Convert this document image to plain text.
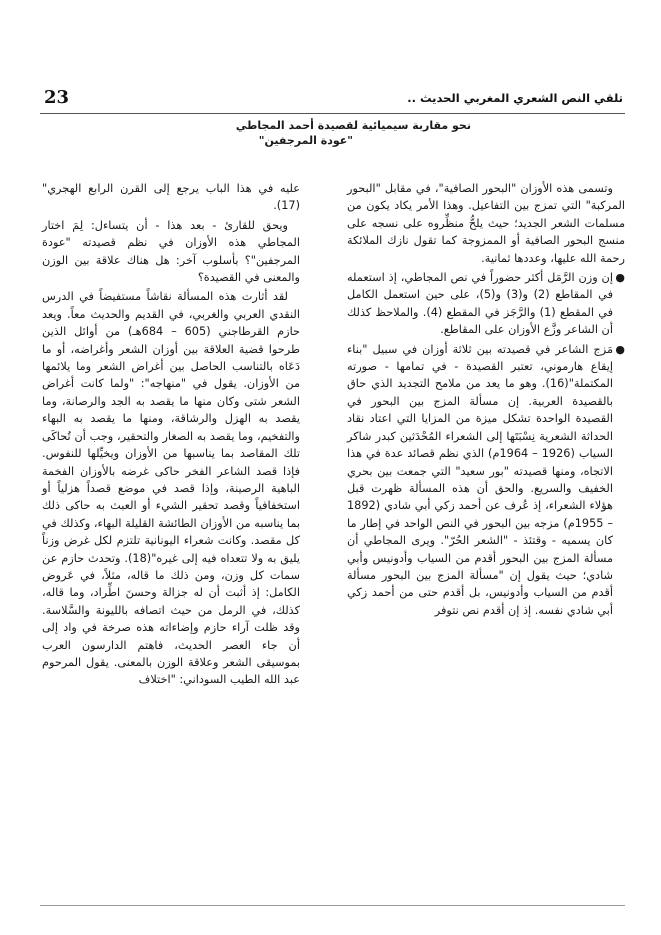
23	تلقي النص الشعري المغربي الحديث ..
نحو مقاربة سيميائية لقصيدة أحمد المجاطي
"عودة المرجفين"

وتسمى هذه الأوزان "البحور الصافية"، في مقابل "البحور المركبة" التي تمزج بين التفاعيل. وهذا الأمر يكاد يكون من مسلمات الشعر الجديد؛ حيث يلحُّ منظِّروه على نسجه على منسج البحور الصافية أو الممزوجة كما تقول نازك الملائكة رحمة الله عليها، وعددها ثمانية.

●
إن وزن الرَّمَل أكثر حضوراً في نص المجاطي، إذ استعمله في المقاطع (2) و(3) و(5)، على حين استعمل الكامل في المقطع (1) والرَّجَز في المقطع (4). والملاحظ كذلك أن الشاعر وزَّع الأوزان على المقاطع.
●
مَزج الشاعر في قصيدته بين ثلاثة أوزان في سبيل "بناء إيقاع هارموني، تعتبر القصيدة - في تمامها - صورته المكتملة"(16). وهو ما يعد من ملامح التجديد الذي حاق بالقصيدة العربية. إن مسألة المزج بين البحور في القصيدة الواحدة تشكل ميزة من المزايا التي اعتاد نقاد الحداثة الشعرية نِسْبَتَها إلى الشعراء المُحْدَثين كبدر شاكر السياب (1926 – 1964م) الذي نظم قصائد عدة في هذا الاتجاه، ومنها قصيدته "بور سعيد" التي جمعت بين بحري الخفيف والسريع. والحق أن هذه المسألة ظهرت قبل هؤلاء الشعراء، إذ عُرف عن أحمد زكي أبي شادي (1892 – 1955م) مزجه بين البحور في النص الواحد في إطار ما كان يسميه - وقتئذ - "الشعر الحُرّ". ويرى المجاطي أن مسألة المزج بين البحور أقدم من السياب وأدونيس وأبي شادي؛ حيث يقول إن "مسألة المزج بين البحور مسألة أقدم من السياب وأدونيس، بل أقدم حتى من أحمد زكي أبي شادي نفسه. إذ إن أقدم نص نتوفر

عليه في هذا الباب يرجع إلى القرن الرابع الهجري"(17).

ويحق للقارئ - بعد هذا - أن يتساءل: لِمَ اختار المجاطي هذه الأوزان في نظم قصيدته "عودة المرجفين"؟ بأسلوب آخر: هل هناك علاقة بين الوزن والمعنى في القصيدة؟

لقد أثارت هذه المسألة نقاشاً مستفيضاً في الدرس النقدي العربي والغربي، في القديم والحديث معاً. ويعد حازم القرطاجني (605 – 684هـ) من أوائل الذين طرحوا قضية العلاقة بين أوزان الشعر وأغراضه، أو ما دَعَاه بالتناسب الحاصل بين أغراض الشعر وما يلائمها من الأوزان. يقول في "منهاجه": "ولما كانت أغراض الشعر شتى وكان منها ما يقصد به الجد والرصانة، وما يقصد به الهزل والرشاقة، ومنها ما يقصد به البهاء والتفخيم، وما يقصد به الصغار والتحقير، وجب أن تُحاكَى تلك المقاصد بما يناسبها من الأوزان ويخيِّلها للنفوس. فإذا قصد الشاعر الفخر حاكى غرضه بالأوزان الفخمة الباهية الرصينة، وإذا قصد في موضع قصداً هزلياً أو استخفافياً وقصد تحقير الشيء أو العبث به حاكى ذلك بما يناسبه من الأوزان الطائشة القليلة البهاء، وكذلك في كل مقصد. وكانت شعراء اليونانية تلتزم لكل غرض وزناً يليق به ولا تتعداه فيه إلى غيره"(18). وتحدث حازم عن سمات كل وزن، ومن ذلك ما قاله، مثلاً، في عَروض الكامل: إذ أثبت أن له جزالة وحسنَ اطِّراد، وما قاله، كذلك، في الرمل من حيث اتصافه بالليونة والسَّلاسة. وقد ظلت آراء حازم وإضاءاته هذه صرخة في واد إلى أن جاء العصر الحديث، فاهتم الدارسون العرب بموسيقى الشعر وعلاقة الوزن بالمعنى. يقول المرحوم عبد الله الطيب السوداني: "اختلاف
